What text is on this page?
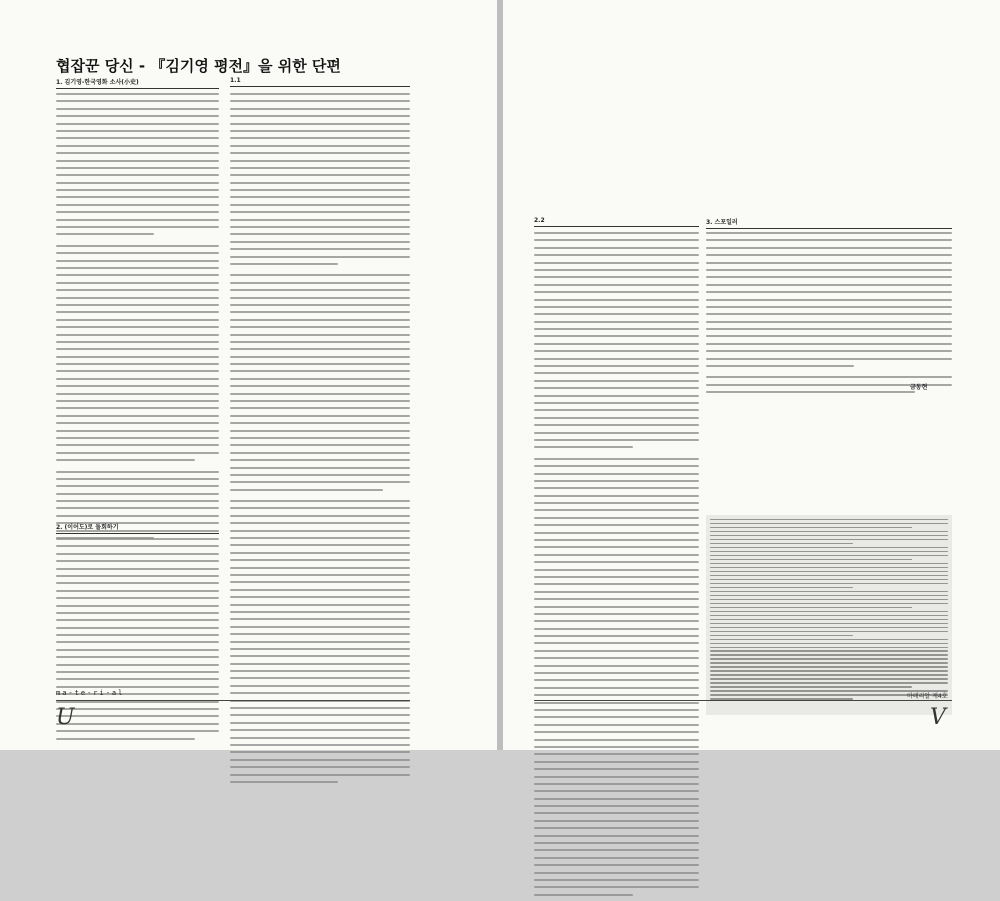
협잡꾼 당신 - 『김기영 평전』을 위한 단편
1. 김기영-한국영화 소사(小史)
2. (이어도)로 돌회하기
1.1
2.2	3. 스포일러
금동현
ma-te-ri-al
U
마테리알 제4호
V
